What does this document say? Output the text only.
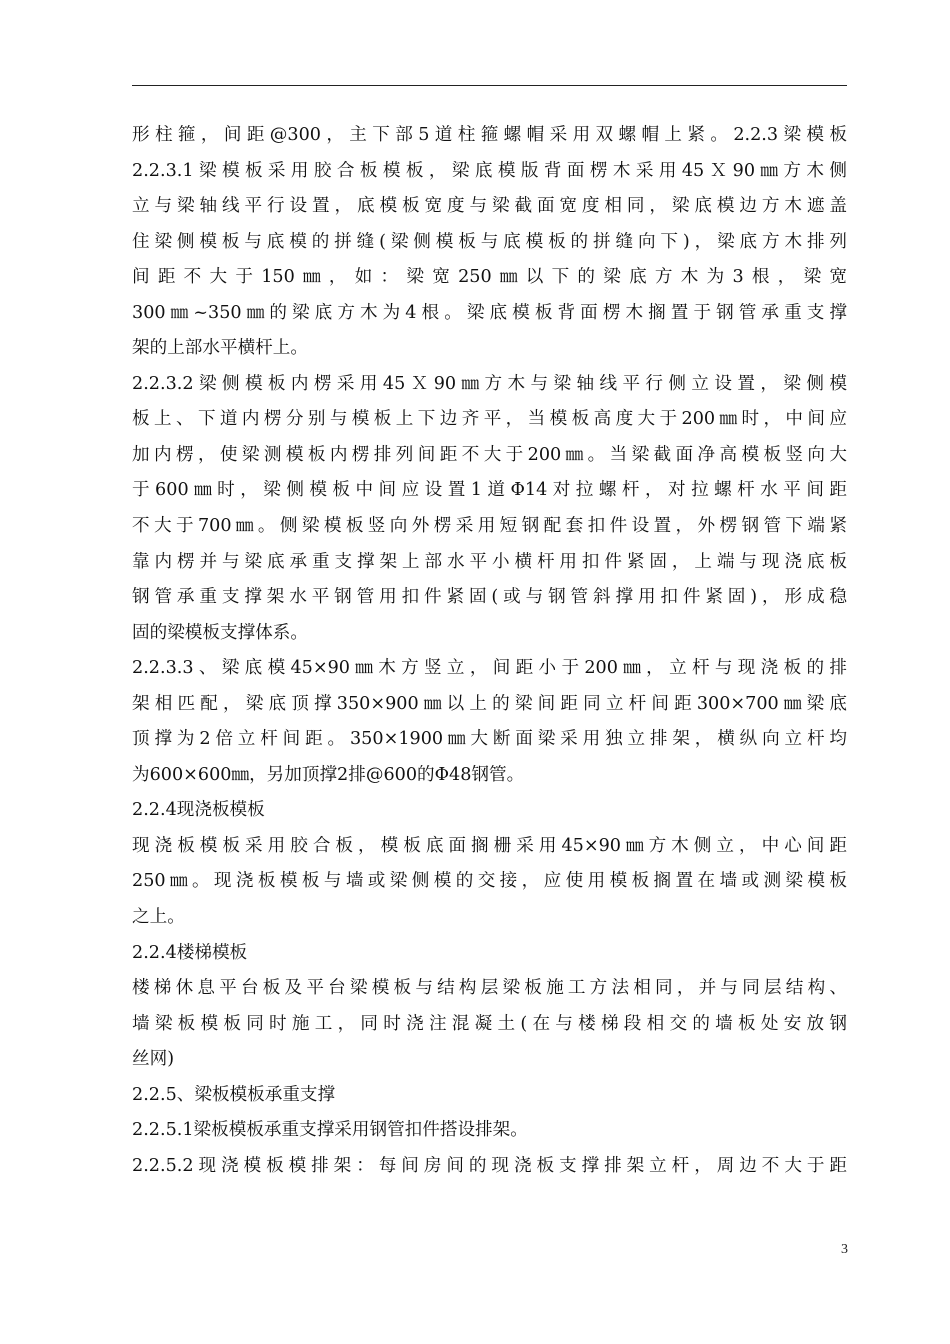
形柱箍，间距@300，主下部5道柱箍螺帽采用双螺帽上紧。2.2.3梁模板
2.2.3.1梁模板采用胶合板模板，梁底模版背面楞木采用45Ｘ90㎜方木侧
立与梁轴线平行设置，底模板宽度与梁截面宽度相同，梁底模边方木遮盖
住梁侧模板与底模的拼缝(梁侧模板与底模板的拼缝向下)，梁底方木排列
间距不大于150㎜，如：梁宽250㎜以下的梁底方木为3根，梁宽
300㎜~350㎜的梁底方木为4根。梁底模板背面楞木搁置于钢管承重支撑
架的上部水平横杆上。
2.2.3.2梁侧模板内楞采用45Ｘ90㎜方木与梁轴线平行侧立设置，梁侧模
板上、下道内楞分别与模板上下边齐平，当模板高度大于200㎜时，中间应
加内楞，使梁测模板内楞排列间距不大于200㎜。当梁截面净高模板竖向大
于600㎜时，梁侧模板中间应设置1道Φ14对拉螺杆，对拉螺杆水平间距
不大于700㎜。侧梁模板竖向外楞采用短钢配套扣件设置，外楞钢管下端紧
靠内楞并与梁底承重支撑架上部水平小横杆用扣件紧固，上端与现浇底板
钢管承重支撑架水平钢管用扣件紧固(或与钢管斜撑用扣件紧固)，形成稳
固的梁模板支撑体系。
2.2.3.3、梁底模45×90㎜木方竖立，间距小于200㎜，立杆与现浇板的排
架相匹配，梁底顶撑350×900㎜以上的梁间距同立杆间距300×700㎜梁底
顶撑为2倍立杆间距。350×1900㎜大断面梁采用独立排架，横纵向立杆均
为600×600㎜，另加顶撑2排@600的Φ48钢管。
2.2.4现浇板模板
现浇板模板采用胶合板，模板底面搁栅采用45×90㎜方木侧立，中心间距
250㎜。现浇板模板与墙或梁侧模的交接，应使用模板搁置在墙或测梁模板
之上。
2.2.4楼梯模板
楼梯休息平台板及平台梁模板与结构层梁板施工方法相同，并与同层结构、
墙梁板模板同时施工，同时浇注混凝土(在与楼梯段相交的墙板处安放钢
丝网)
2.2.5、梁板模板承重支撑
2.2.5.1梁板模板承重支撑采用钢管扣件搭设排架。
2.2.5.2现浇模板模排架：每间房间的现浇板支撑排架立杆，周边不大于距
3
